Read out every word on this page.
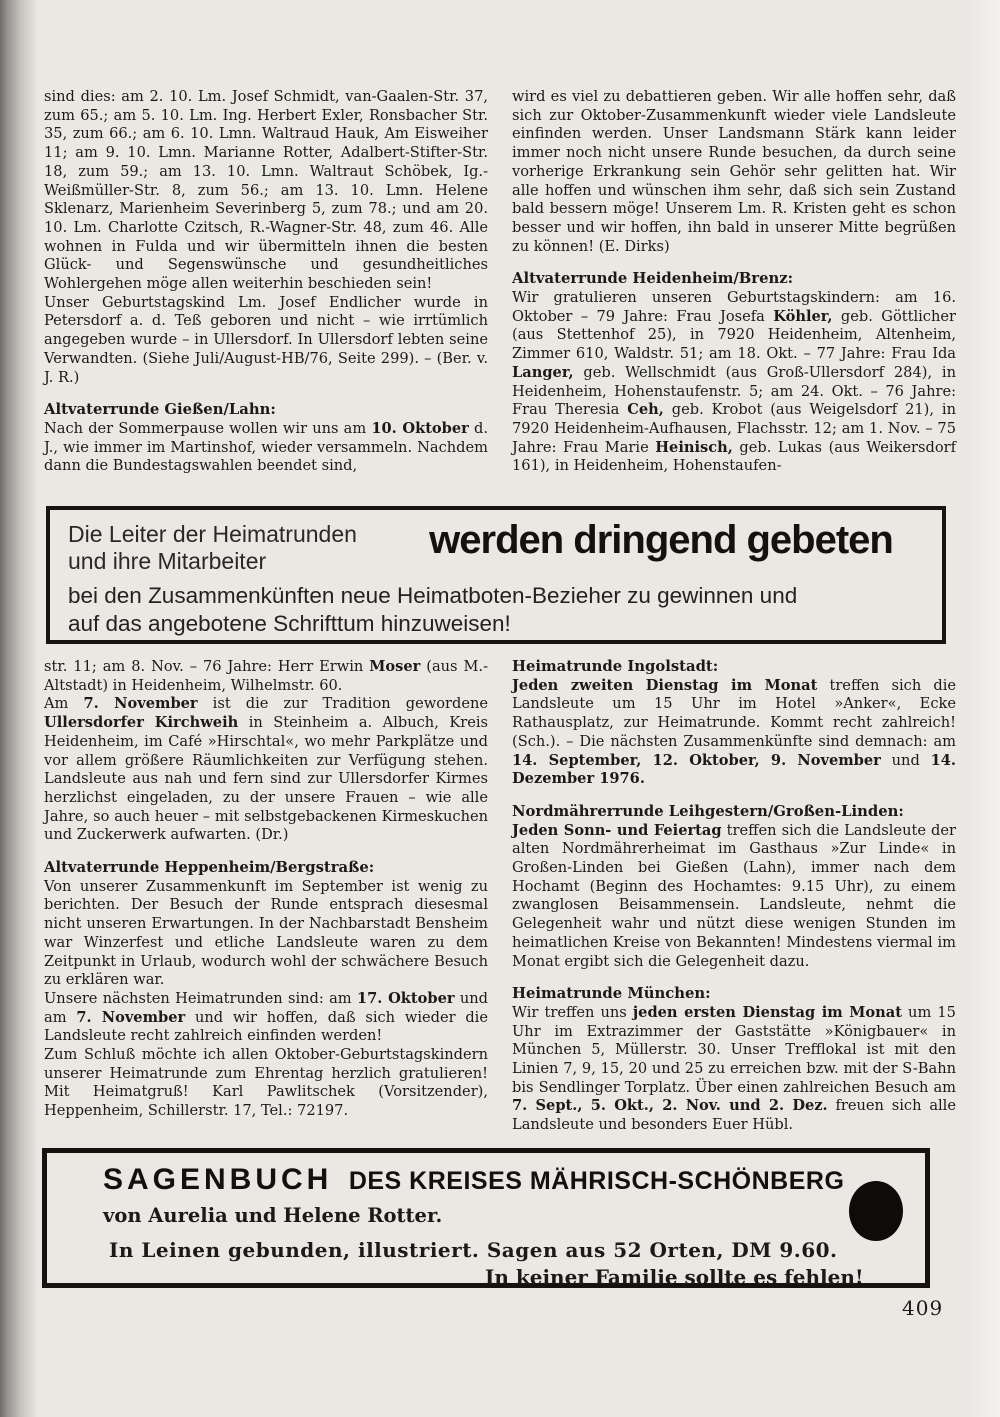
sind dies: am 2. 10. Lm. Josef Schmidt, van-Gaalen-Str. 37, zum 65.; am 5. 10. Lm. Ing. Herbert Exler, Ronsbacher Str. 35, zum 66.; am 6. 10. Lmn. Waltraud Hauk, Am Eisweiher 11; am 9. 10. Lmn. Marianne Rotter, Adalbert-Stifter-Str. 18, zum 59.; am 13. 10. Lmn. Waltraut Schöbek, Ig.-Weißmüller-Str. 8, zum 56.; am 13. 10. Lmn. Helene Sklenarz, Marienheim Severinberg 5, zum 78.; und am 20. 10. Lm. Charlotte Czitsch, R.-Wagner-Str. 48, zum 46. Alle wohnen in Fulda und wir übermitteln ihnen die besten Glück- und Segenswünsche und gesundheitliches Wohlergehen möge allen weiterhin beschieden sein!

Unser Geburtstagskind Lm. Josef Endlicher wurde in Petersdorf a. d. Teß geboren und nicht – wie irrtümlich angegeben wurde – in Ullersdorf. In Ullersdorf lebten seine Verwandten. (Siehe Juli/August-HB/76, Seite 299). – (Ber. v. J. R.)

Altvaterrunde Gießen/Lahn:

Nach der Sommerpause wollen wir uns am 10. Oktober d. J., wie immer im Martinshof, wieder versammeln. Nachdem dann die Bundestagswahlen beendet sind,

wird es viel zu debattieren geben. Wir alle hoffen sehr, daß sich zur Oktober-Zusammenkunft wieder viele Landsleute einfinden werden. Unser Landsmann Stärk kann leider immer noch nicht unsere Runde besuchen, da durch seine vorherige Erkrankung sein Gehör sehr gelitten hat. Wir alle hoffen und wünschen ihm sehr, daß sich sein Zustand bald bessern möge! Unserem Lm. R. Kristen geht es schon besser und wir hoffen, ihn bald in unserer Mitte begrüßen zu können! (E. Dirks)

Altvaterrunde Heidenheim/Brenz:

Wir gratulieren unseren Geburtstagskindern: am 16. Oktober – 79 Jahre: Frau Josefa Köhler, geb. Göttlicher (aus Stettenhof 25), in 7920 Heidenheim, Altenheim, Zimmer 610, Waldstr. 51; am 18. Okt. – 77 Jahre: Frau Ida Langer, geb. Wellschmidt (aus Groß-Ullersdorf 284), in Heidenheim, Hohenstaufenstr. 5; am 24. Okt. – 76 Jahre: Frau Theresia Ceh, geb. Krobot (aus Weigelsdorf 21), in 7920 Heidenheim-Aufhausen, Flachsstr. 12; am 1. Nov. – 75 Jahre: Frau Marie Heinisch, geb. Lukas (aus Weikersdorf 161), in Heidenheim, Hohenstaufen-

Die Leiter der Heimatrunden
und ihre Mitarbeiter	werden dringend gebeten
bei den Zusammenkünften neue Heimatboten-Bezieher zu gewinnen und
auf das angebotene Schrifttum hinzuweisen!

str. 11; am 8. Nov. – 76 Jahre: Herr Erwin Moser (aus M.-Altstadt) in Heidenheim, Wilhelmstr. 60.

Am 7. November ist die zur Tradition gewordene Ullersdorfer Kirchweih in Steinheim a. Albuch, Kreis Heidenheim, im Café »Hirschtal«, wo mehr Parkplätze und vor allem größere Räumlichkeiten zur Verfügung stehen. Landsleute aus nah und fern sind zur Ullersdorfer Kirmes herzlichst eingeladen, zu der unsere Frauen – wie alle Jahre, so auch heuer – mit selbstgebackenen Kirmeskuchen und Zuckerwerk aufwarten. (Dr.)

Altvaterrunde Heppenheim/Bergstraße:

Von unserer Zusammenkunft im September ist wenig zu berichten. Der Besuch der Runde entsprach diesesmal nicht unseren Erwartungen. In der Nachbarstadt Bensheim war Winzerfest und etliche Landsleute waren zu dem Zeitpunkt in Urlaub, wodurch wohl der schwächere Besuch zu erklären war.

Unsere nächsten Heimatrunden sind: am 17. Oktober und am 7. November und wir hoffen, daß sich wieder die Landsleute recht zahlreich einfinden werden!

Zum Schluß möchte ich allen Oktober-Geburtstagskindern unserer Heimatrunde zum Ehrentag herzlich gratulieren! Mit Heimatgruß! Karl Pawlitschek (Vorsitzender), Heppenheim, Schillerstr. 17, Tel.: 72197.

Heimatrunde Ingolstadt:

Jeden zweiten Dienstag im Monat treffen sich die Landsleute um 15 Uhr im Hotel »Anker«, Ecke Rathausplatz, zur Heimatrunde. Kommt recht zahlreich! (Sch.). – Die nächsten Zusammenkünfte sind demnach: am 14. September, 12. Oktober, 9. November und 14. Dezember 1976.

Nordmährerrunde Leihgestern/Großen-Linden:

Jeden Sonn- und Feiertag treffen sich die Landsleute der alten Nordmährerheimat im Gasthaus »Zur Linde« in Großen-Linden bei Gießen (Lahn), immer nach dem Hochamt (Beginn des Hochamtes: 9.15 Uhr), zu einem zwanglosen Beisammensein. Landsleute, nehmt die Gelegenheit wahr und nützt diese wenigen Stunden im heimatlichen Kreise von Bekannten! Mindestens viermal im Monat ergibt sich die Gelegenheit dazu.

Heimatrunde München:

Wir treffen uns jeden ersten Dienstag im Monat um 15 Uhr im Extrazimmer der Gaststätte »Königbauer« in München 5, Müllerstr. 30. Unser Trefflokal ist mit den Linien 7, 9, 15, 20 und 25 zu erreichen bzw. mit der S-Bahn bis Sendlinger Torplatz. Über einen zahlreichen Besuch am 7. Sept., 5. Okt., 2. Nov. und 2. Dez. freuen sich alle Landsleute und besonders Euer Hübl.

SAGENBUCH DES KREISES MÄHRISCH-SCHÖNBERG
von Aurelia und Helene Rotter.
In Leinen gebunden, illustriert. Sagen aus 52 Orten, DM 9.60.
In keiner Familie sollte es fehlen!
409
